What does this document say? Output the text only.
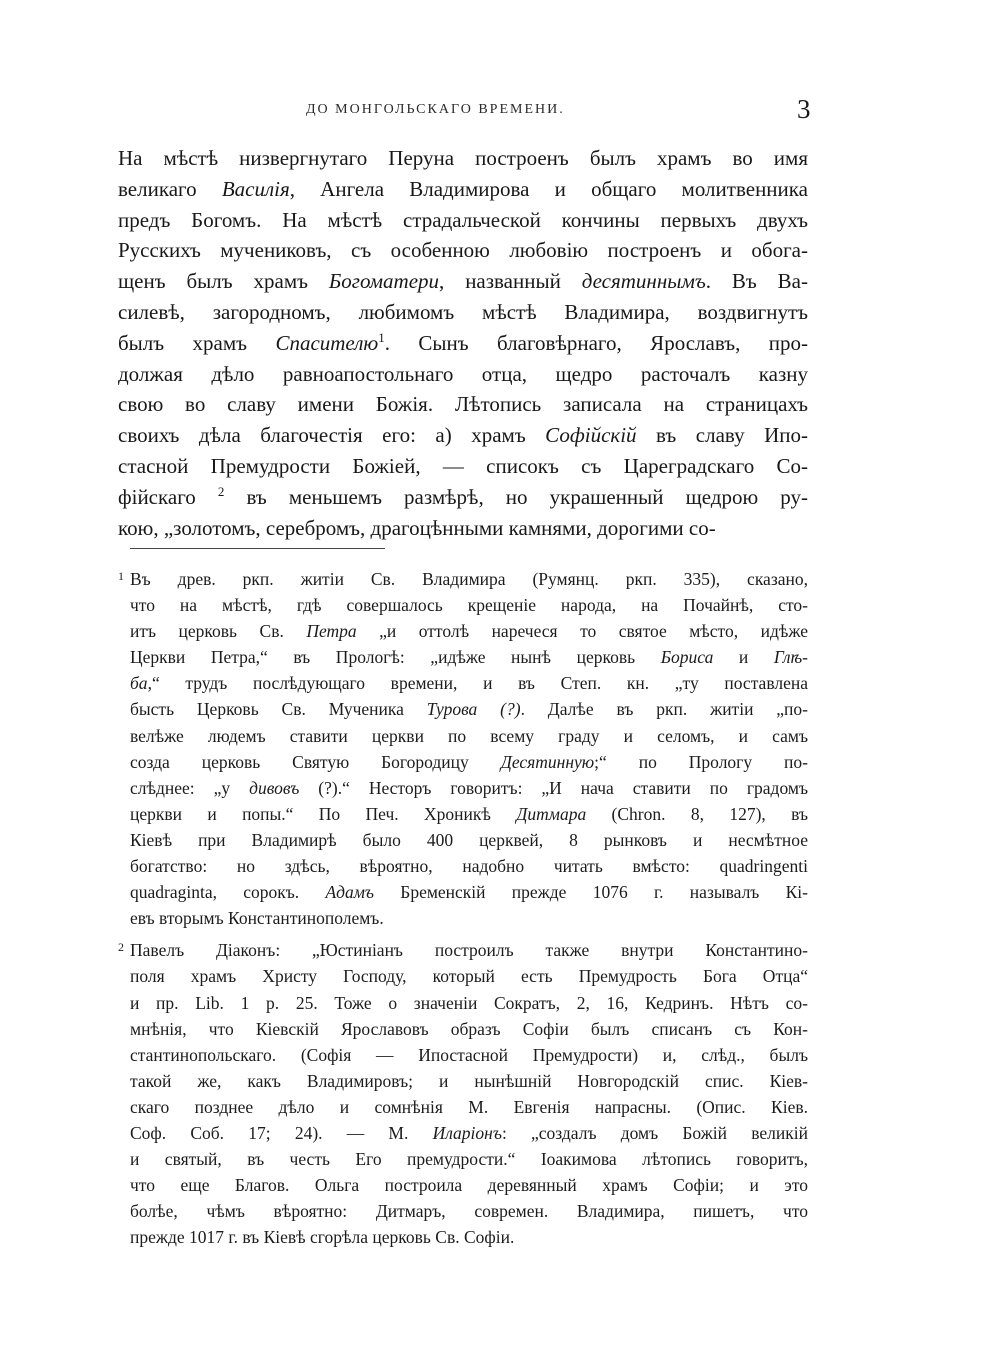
ДО МОНГОЛЬСКАГО ВРЕМЕНИ.	3
На мѣстѣ низвергнутаго Перуна построенъ былъ храмъ во имя
великаго Василія, Ангела Владимирова и общаго молитвенника
предъ Богомъ. На мѣстѣ страдальческой кончины первыхъ двухъ
Русскихъ мучениковъ, съ особенною любовію построенъ и обога-
щенъ былъ храмъ Богоматери, названный десятиннымъ. Въ Ва-
силевѣ, загородномъ, любимомъ мѣстѣ Владимира, воздвигнутъ
былъ храмъ Спасителю$^1$. Сынъ благовѣрнаго, Ярославъ, про-
должая дѣло равноапостольнаго отца, щедро расточалъ казну
свою во славу имени Божія. Лѣтопись записала на страницахъ
своихъ дѣла благочестія его: а) храмъ Софійскій въ славу Ипо-
стасной Премудрости Божіей, — списокъ съ Цареградскаго Со-
фійскаго $^2$ въ меньшемъ размѣрѣ, но украшенный щедрою ру-
кою, „золотомъ, серебромъ, драгоцѣнными камнями, дорогими со-
1 Въ древ. ркп. житіи Св. Владимира (Румянц. ркп. 335), сказано,
что на мѣстѣ, гдѣ совершалось крещеніе народа, на Почайнѣ, сто-
итъ церковь Св. Петра „и оттолѣ наречеся то святое мѣсто, идѣже
Церкви Петра,“ въ Прологѣ: „идѣже нынѣ церковь Бориса и Глѣ-
ба,“ трудъ послѣдующаго времени, и въ Степ. кн. „ту поставлена
бысть Церковь Св. Мученика Турова (?). Далѣе въ ркп. житіи „по-
велѣже людемъ ставити церкви по всему граду и селомъ, и самъ
созда церковь Святую Богородицу Десятинную;“ по Прологу по-
слѣднее: „у дивовъ (?).“ Несторъ говоритъ: „И нача ставити по градомъ
церкви и попы.“ По Печ. Хроникѣ Дитмара (Chron. 8, 127), въ
Кіевѣ при Владимирѣ было 400 церквей, 8 рынковъ и несмѣтное
богатство: но здѣсь, вѣроятно, надобно читать вмѣсто: quadringenti
quadraginta, сорокъ. Адамъ Бременскій прежде 1076 г. называлъ Кі-
евъ вторымъ Константинополемъ.
2 Павелъ Діаконъ: „Юстиніанъ построилъ также внутри Константино-
поля храмъ Христу Господу, который есть Премудрость Бога Отца“
и пр. Lib. 1 p. 25. Тоже о значеніи Сократъ, 2, 16, Кедринъ. Нѣтъ со-
мнѣнія, что Кіевскій Ярославовъ образъ Софіи былъ списанъ съ Кон-
стантинопольскаго. (Софія — Ипостасной Премудрости) и, слѣд., былъ
такой же, какъ Владимировъ; и нынѣшній Новгородскій спис. Кіев-
скаго позднее дѣло и сомнѣнія М. Евгенія напрасны. (Опис. Кіев.
Соф. Соб. 17; 24). — М. Иларіонъ: „создалъ домъ Божій великій
и святый, въ честь Его премудрости.“ Іоакимова лѣтопись говоритъ,
что еще Благов. Ольга построила деревянный храмъ Софіи; и это
болѣе, чѣмъ вѣроятно: Дитмаръ, современ. Владимира, пишетъ, что
прежде 1017 г. въ Кіевѣ сгорѣла церковь Св. Софіи.
